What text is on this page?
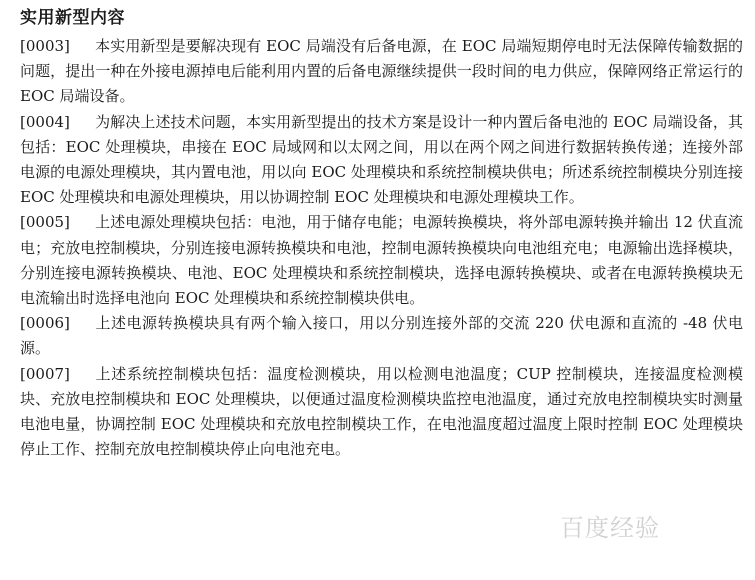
实用新型内容

[0003] 本实用新型是要解决现有 EOC 局端没有后备电源，在 EOC 局端短期停电时无法保障传输数据的问题，提出一种在外接电源掉电后能利用内置的后备电源继续提供一段时间的电力供应，保障网络正常运行的 EOC 局端设备。

[0004] 为解决上述技术问题，本实用新型提出的技术方案是设计一种内置后备电池的 EOC 局端设备，其包括：EOC 处理模块，串接在 EOC 局域网和以太网之间，用以在两个网之间进行数据转换传递；连接外部电源的电源处理模块，其内置电池，用以向 EOC 处理模块和系统控制模块供电；所述系统控制模块分别连接 EOC 处理模块和电源处理模块，用以协调控制 EOC 处理模块和电源处理模块工作。

[0005] 上述电源处理模块包括：电池，用于储存电能；电源转换模块，将外部电源转换并输出 12 伏直流电；充放电控制模块，分别连接电源转换模块和电池，控制电源转换模块向电池组充电；电源输出选择模块，分别连接电源转换模块、电池、EOC 处理模块和系统控制模块，选择电源转换模块、或者在电源转换模块无电流输出时选择电池向 EOC 处理模块和系统控制模块供电。

[0006] 上述电源转换模块具有两个输入接口，用以分别连接外部的交流 220 伏电源和直流的 -48 伏电源。

[0007] 上述系统控制模块包括：温度检测模块，用以检测电池温度；CUP 控制模块，连接温度检测模块、充放电控制模块和 EOC 处理模块，以便通过温度检测模块监控电池温度，通过充放电控制模块实时测量电池电量，协调控制 EOC 处理模块和充放电控制模块工作，在电池温度超过温度上限时控制 EOC 处理模块停止工作、控制充放电控制模块停止向电池充电。

百度经验
